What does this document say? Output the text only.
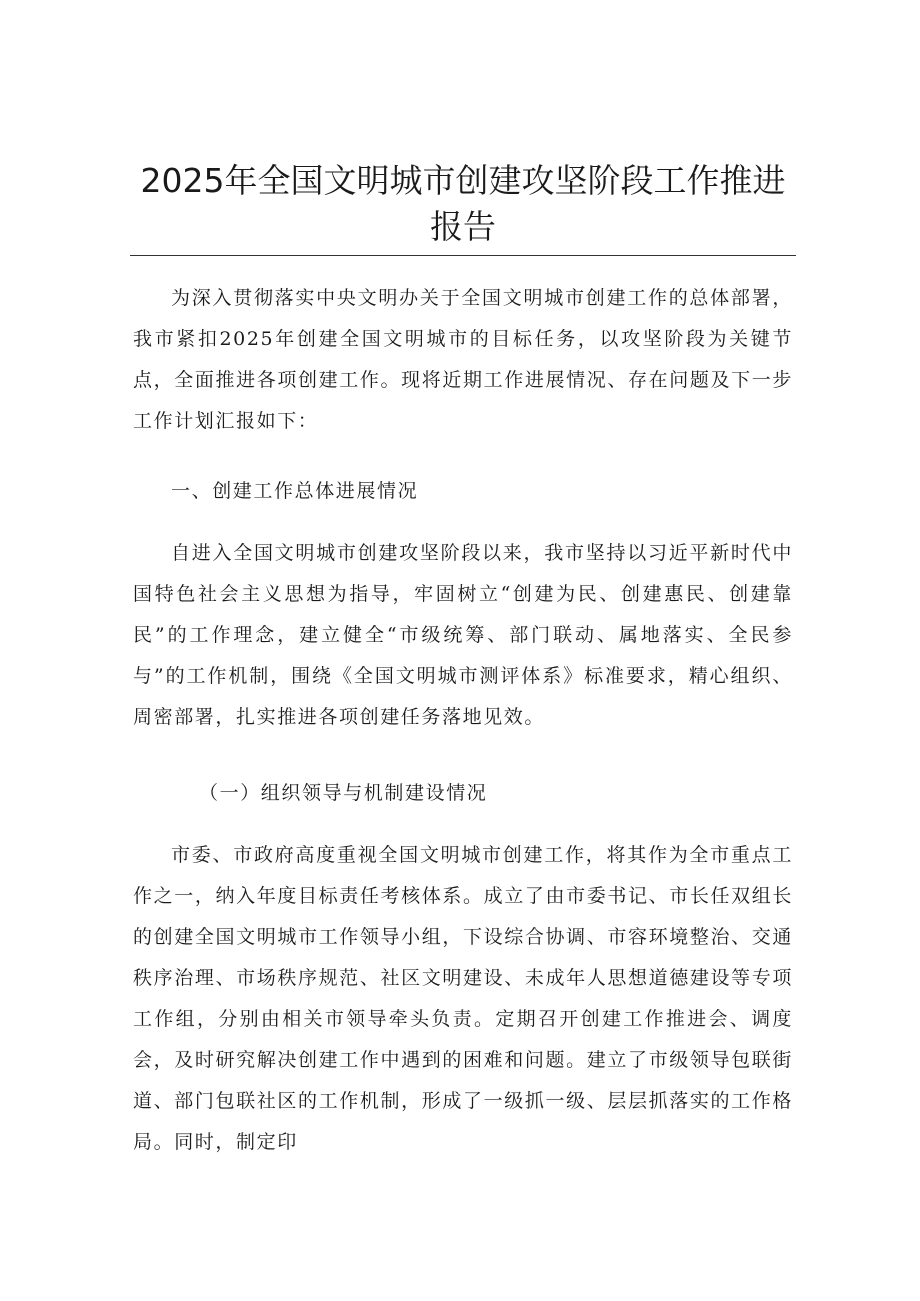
2025年全国文明城市创建攻坚阶段工作推进报告

为深入贯彻落实中央文明办关于全国文明城市创建工作的总体部署，我市紧扣2025年创建全国文明城市的目标任务，以攻坚阶段为关键节点，全面推进各项创建工作。现将近期工作进展情况、存在问题及下一步工作计划汇报如下：

一、创建工作总体进展情况

自进入全国文明城市创建攻坚阶段以来，我市坚持以习近平新时代中国特色社会主义思想为指导，牢固树立“创建为民、创建惠民、创建靠民”的工作理念，建立健全“市级统筹、部门联动、属地落实、全民参与”的工作机制，围绕《全国文明城市测评体系》标准要求，精心组织、周密部署，扎实推进各项创建任务落地见效。

（一）组织领导与机制建设情况

市委、市政府高度重视全国文明城市创建工作，将其作为全市重点工作之一，纳入年度目标责任考核体系。成立了由市委书记、市长任双组长的创建全国文明城市工作领导小组，下设综合协调、市容环境整治、交通秩序治理、市场秩序规范、社区文明建设、未成年人思想道德建设等专项工作组，分别由相关市领导牵头负责。定期召开创建工作推进会、调度会，及时研究解决创建工作中遇到的困难和问题。建立了市级领导包联街道、部门包联社区的工作机制，形成了一级抓一级、层层抓落实的工作格局。同时，制定印
